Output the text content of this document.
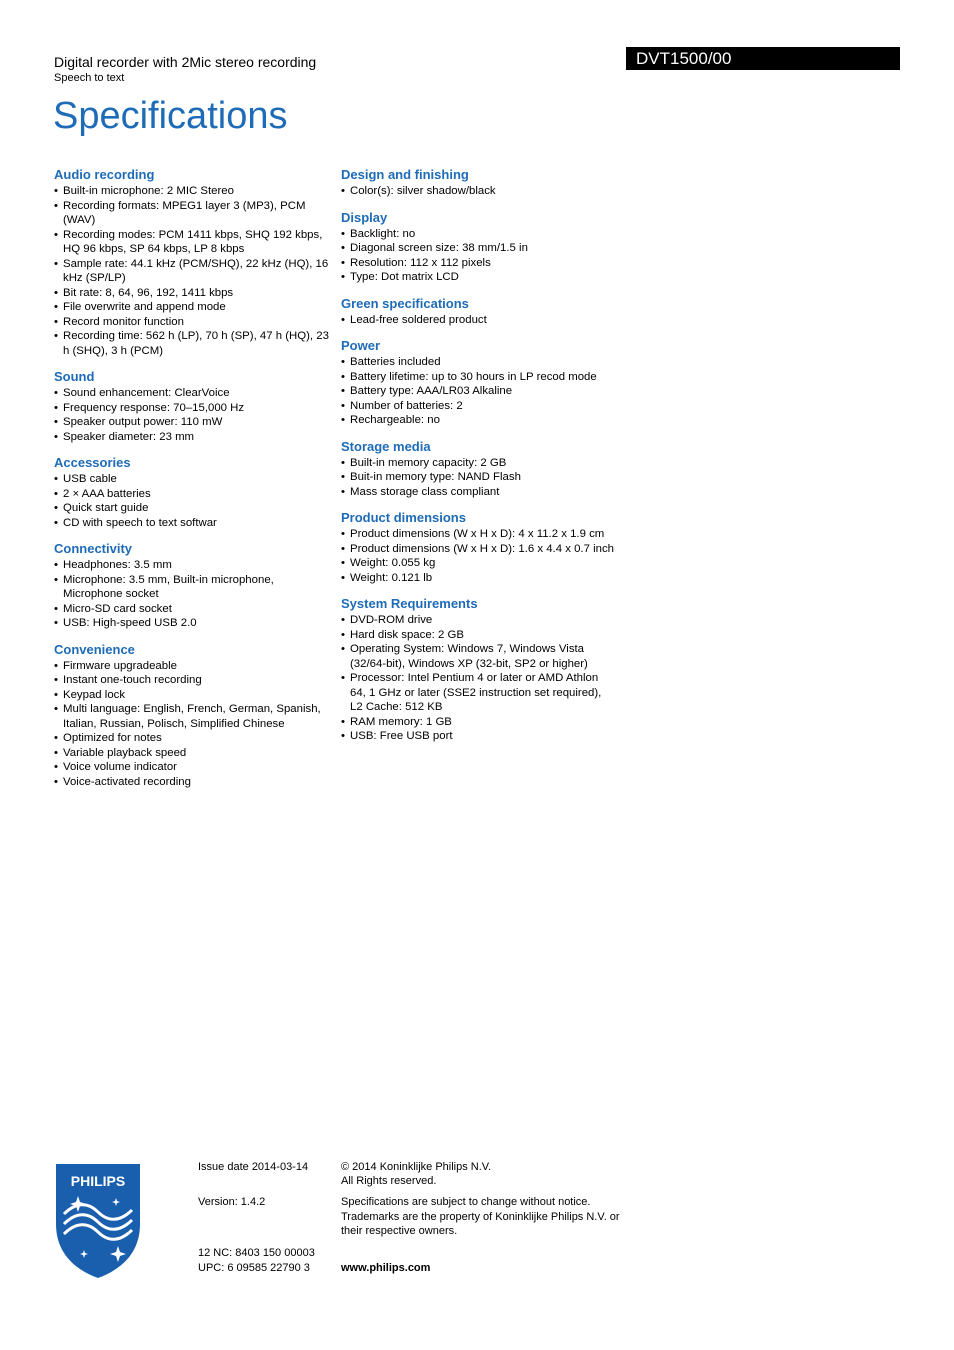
Digital recorder with 2Mic stereo recording
Speech to text
DVT1500/00
Specifications
Audio recording
• Built-in microphone: 2 MIC Stereo
• Recording formats: MPEG1 layer 3 (MP3), PCM (WAV)
• Recording modes: PCM 1411 kbps, SHQ 192 kbps, HQ 96 kbps, SP 64 kbps, LP 8 kbps
• Sample rate: 44.1 kHz (PCM/SHQ), 22 kHz (HQ), 16 kHz (SP/LP)
• Bit rate: 8, 64, 96, 192, 1411 kbps
• File overwrite and append mode
• Record monitor function
• Recording time: 562 h (LP), 70 h (SP), 47 h (HQ), 23 h (SHQ), 3 h (PCM)
Sound
• Sound enhancement: ClearVoice
• Frequency response: 70–15,000 Hz
• Speaker output power: 110 mW
• Speaker diameter: 23 mm
Accessories
• USB cable
• 2 × AAA batteries
• Quick start guide
• CD with speech to text softwar
Connectivity
• Headphones: 3.5 mm
• Microphone: 3.5 mm, Built-in microphone, Microphone socket
• Micro-SD card socket
• USB: High-speed USB 2.0
Convenience
• Firmware upgradeable
• Instant one-touch recording
• Keypad lock
• Multi language: English, French, German, Spanish, Italian, Russian, Polisch, Simplified Chinese
• Optimized for notes
• Variable playback speed
• Voice volume indicator
• Voice-activated recording
Design and finishing
• Color(s): silver shadow/black
Display
• Backlight: no
• Diagonal screen size: 38 mm/1.5 in
• Resolution: 112 x 112 pixels
• Type: Dot matrix LCD
Green specifications
• Lead-free soldered product
Power
• Batteries included
• Battery lifetime: up to 30 hours in LP recod mode
• Battery type: AAA/LR03 Alkaline
• Number of batteries: 2
• Rechargeable: no
Storage media
• Built-in memory capacity: 2 GB
• Buit-in memory type: NAND Flash
• Mass storage class compliant
Product dimensions
• Product dimensions (W x H x D): 4 x 11.2 x 1.9 cm
• Product dimensions (W x H x D): 1.6 x 4.4 x 0.7 inch
• Weight: 0.055 kg
• Weight: 0.121 lb
System Requirements
• DVD-ROM drive
• Hard disk space: 2 GB
• Operating System: Windows 7, Windows Vista (32/64-bit), Windows XP (32-bit, SP2 or higher)
• Processor: Intel Pentium 4 or later or AMD Athlon 64, 1 GHz or later (SSE2 instruction set required), L2 Cache: 512 KB
• RAM memory: 1 GB
• USB: Free USB port
PHILIPS
Issue date 2014-03-14
Version: 1.4.2
12 NC: 8403 150 00003
UPC: 6 09585 22790 3
© 2014 Koninklijke Philips N.V.
All Rights reserved.
Specifications are subject to change without notice. Trademarks are the property of Koninklijke Philips N.V. or their respective owners.
www.philips.com
